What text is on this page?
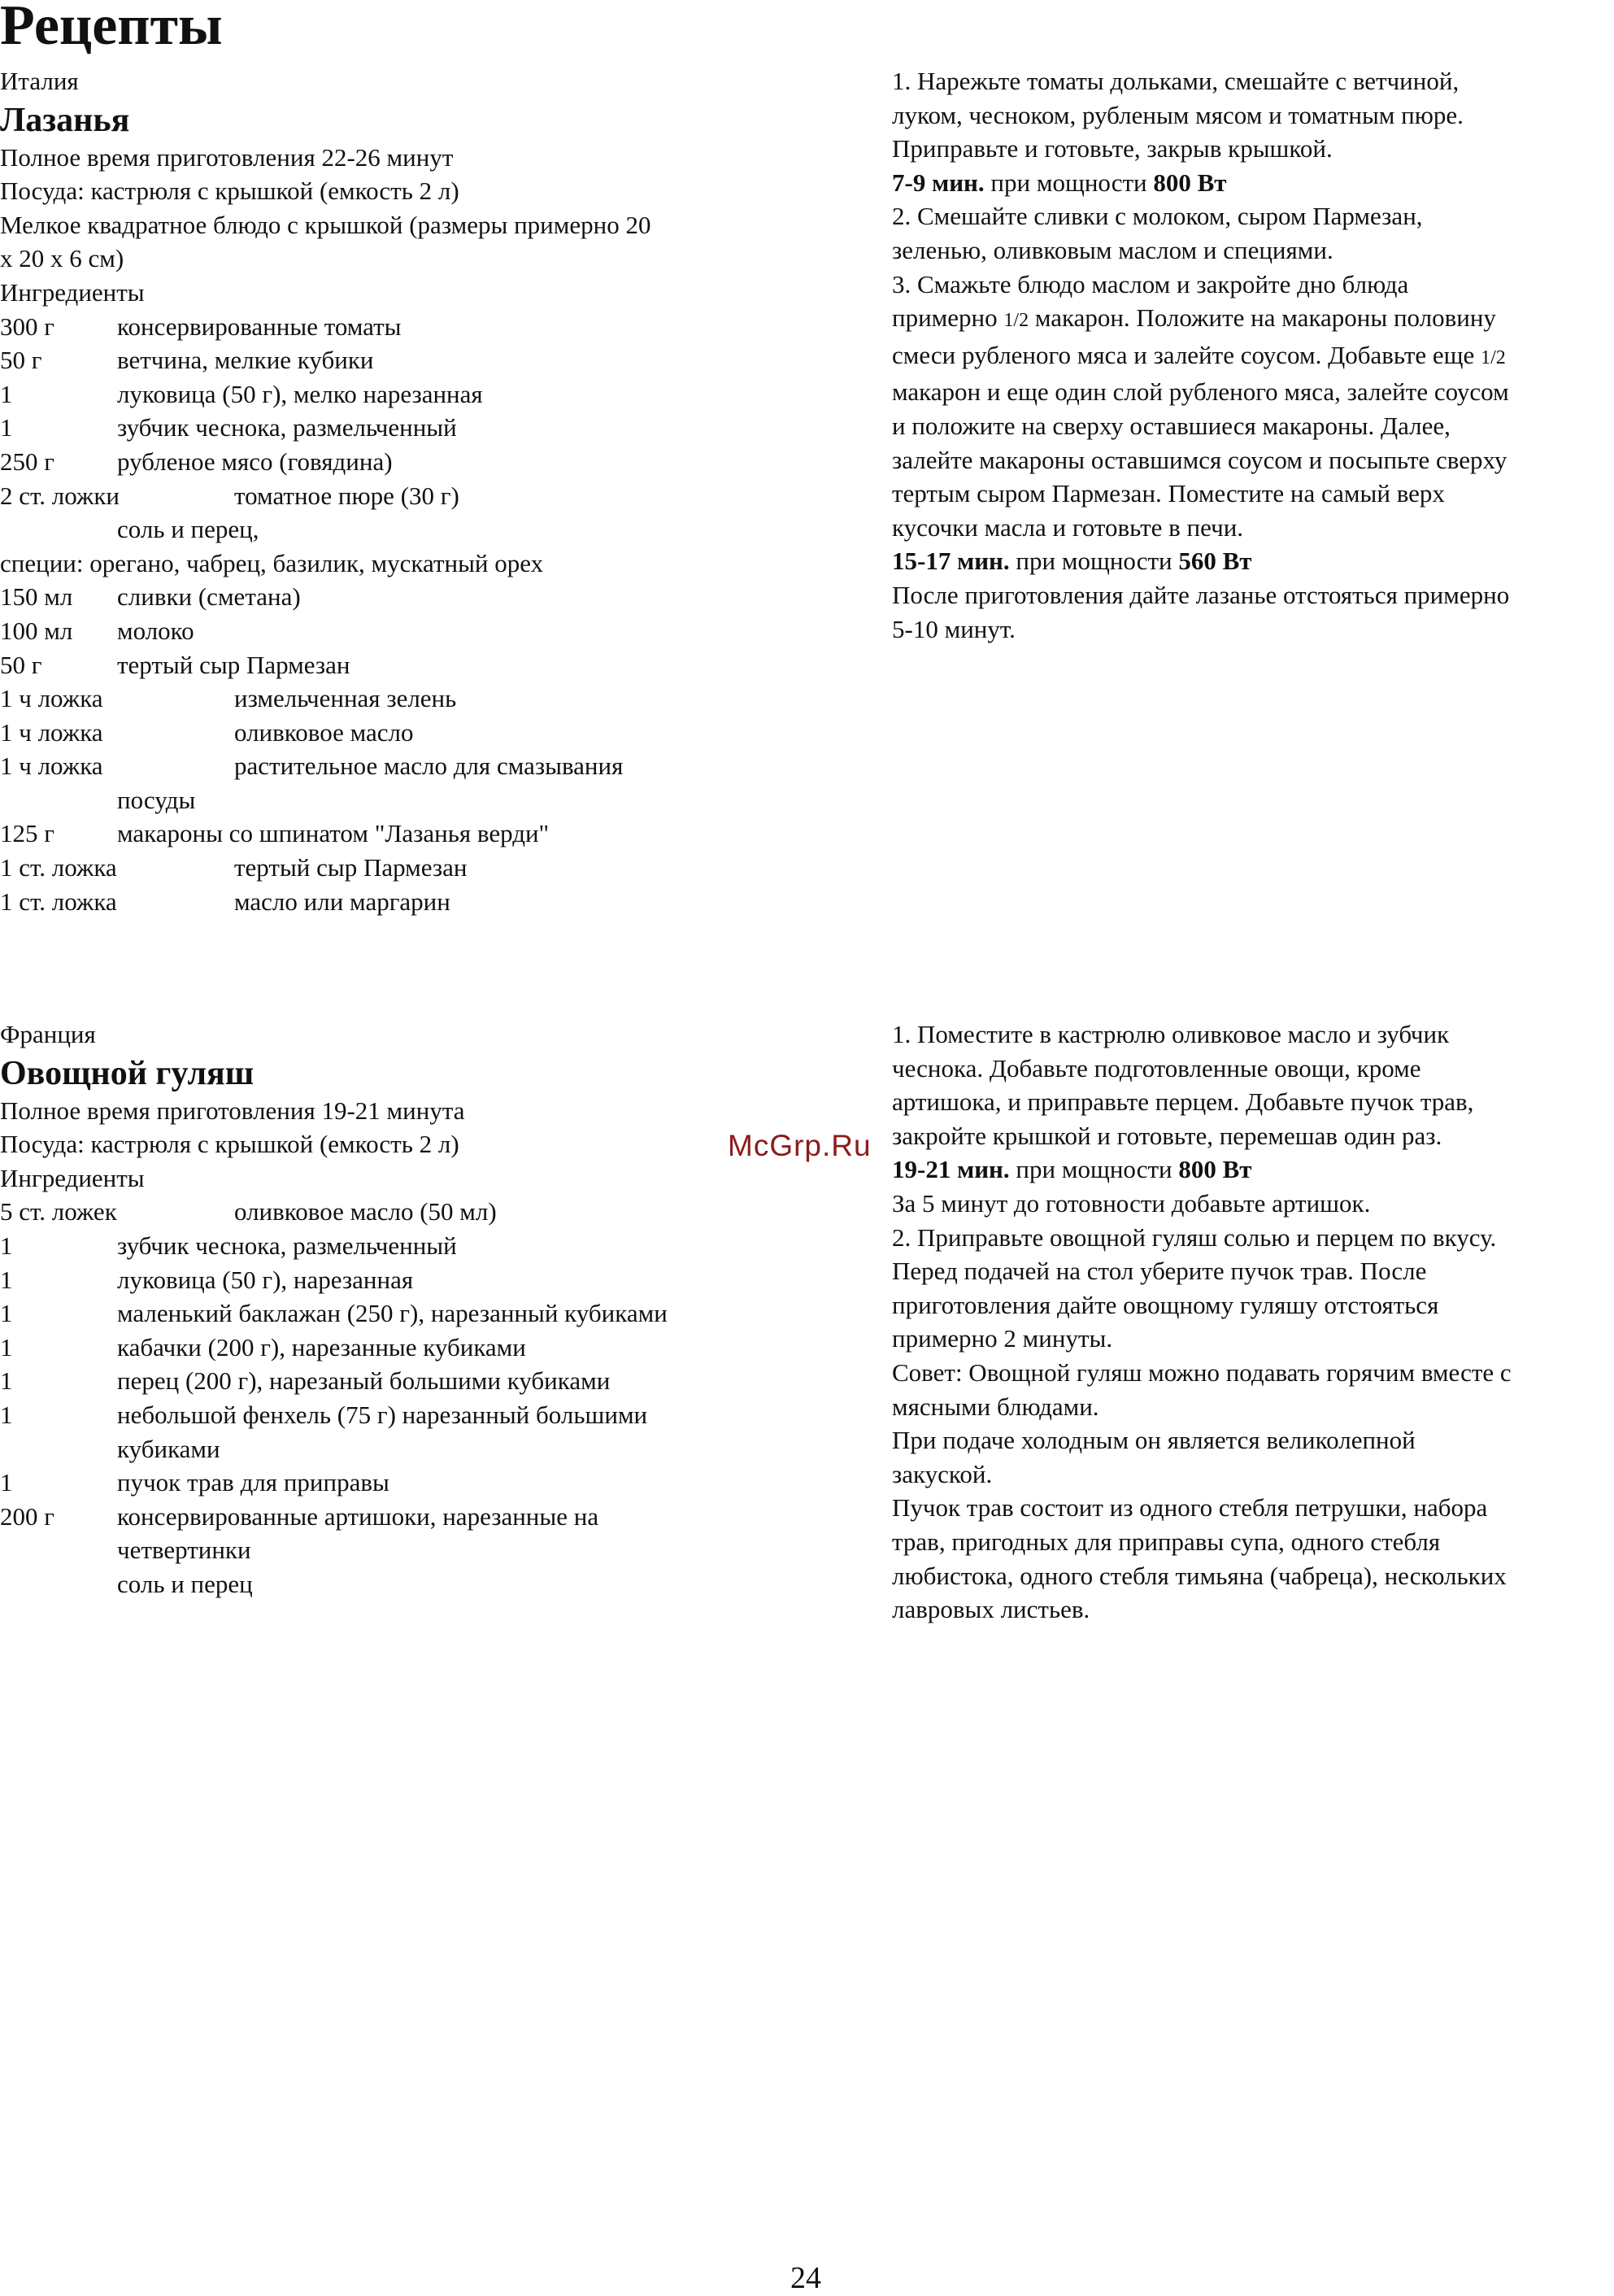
Рецепты
Италия
Лазанья
Полное время приготовления 22-26 минут
Посуда: кастрюля с крышкой (емкость 2 л)
Мелкое квадратное блюдо с крышкой (размеры примерно 20
x 20 x 6 см)
Ингредиенты
300 г	консервированные томаты
50 г	ветчина, мелкие кубики
1	луковица (50 г), мелко нарезанная
1	зубчик чеснока, размельченный
250 г	рубленое мясо (говядина)
2 ст. ложки	томатное пюре (30 г)
соль и перец,
специи: орегано, чабрец, базилик, мускатный орех
150 мл	сливки (сметана)
100 мл	молоко
50 г	тертый сыр Пармезан
1 ч ложка	измельченная зелень
1 ч ложка	оливковое масло
1 ч ложка	растительное масло для смазывания
посуды
125 г	макароны со шпинатом "Лазанья верди"
1 ст. ложка	тертый сыр Пармезан
1 ст. ложка	масло или маргарин
1. Нарежьте томаты дольками, смешайте с ветчиной,
луком, чесноком, рубленым мясом и томатным пюре.
Приправьте и готовьте, закрыв крышкой.
7-9 мин. при мощности 800 Вт
2. Смешайте сливки с молоком, сыром Пармезан,
зеленью, оливковым маслом и специями.
3. Смажьте блюдо маслом и закройте дно блюда
примерно 1/2 макарон. Положите на макароны половину
смеси рубленого мяса и залейте соусом. Добавьте еще 1/2
макарон и еще один слой рубленого мяса, залейте соусом
и положите на сверху оставшиеся макароны. Далее,
залейте макароны оставшимся соусом и посыпьте сверху
тертым сыром Пармезан. Поместите на самый верх
кусочки масла и готовьте в печи.
15-17 мин. при мощности 560 Вт
После приготовления дайте лазанье отстояться примерно
5-10 минут.
Франция
Овощной гуляш
Полное время приготовления 19-21 минута
Посуда: кастрюля с крышкой (емкость 2 л)
Ингредиенты
5 ст. ложек	оливковое масло (50 мл)
1	зубчик чеснока, размельченный
1	луковица (50 г), нарезанная
1	маленький баклажан (250 г), нарезанный кубиками
1	кабачки (200 г), нарезанные кубиками
1	перец (200 г), нарезаный большими кубиками
1	небольшой фенхель (75 г) нарезанный большими
кубиками
1	пучок трав для приправы
200 г	консервированные артишоки, нарезанные на
четвертинки
соль и перец
1. Поместите в кастрюлю оливковое масло и зубчик
чеснока. Добавьте подготовленные овощи, кроме
артишока, и приправьте перцем. Добавьте пучок трав,
закройте крышкой и готовьте, перемешав один раз.
19-21 мин. при мощности 800 Вт
За 5 минут до готовности добавьте артишок.
2. Приправьте овощной гуляш солью и перцем по вкусу.
Перед подачей на стол уберите пучок трав. После
приготовления дайте овощному гуляшу отстояться
примерно 2 минуты.
Совет: Овощной гуляш можно подавать горячим вместе с
мясными блюдами.
При подаче холодным он является великолепной
закуской.
Пучок трав состоит из одного стебля петрушки, набора
трав, пригодных для приправы супа, одного стебля
любистока, одного стебля тимьяна (чабреца), нескольких
лавровых листьев.
McGrp.Ru
24
